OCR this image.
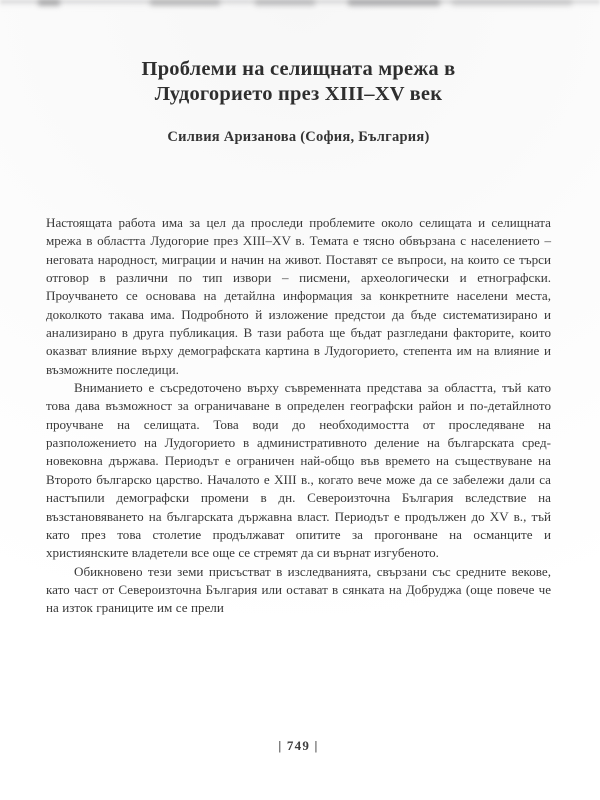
Проблеми на селищната мрежа в
Лудогорието през XIII–XV век

Силвия Аризанова (София, България)

Настоящата работа има за цел да проследи проблемите около селищата и селищната мрежа в областта Лудогорие през XIII–XV в. Темата е тясно обвързана с населението – неговата народност, миграции и начин на живот. Поставят се въпроси, на които се търси отговор в различни по тип извори – писмени, археологически и етнографски. Проучването се основава на детайлна информация за конкретните населени места, доколкото такава има. Подробното й изложение предстои да бъде систематизирано и анализирано в друга публикация. В тази работа ще бъдат разгледани факторите, които оказват влияние върху демографската картина в Лудогорието, степента им на влияние и възможните последици.

Вниманието е съсредоточено върху съвременната представа за областта, тъй като това дава възможност за ограничаване в определен географски район и по-детайлното проучване на селищата. Това води до необходимостта от проследяване на разположението на Лудогорието в административното деление на българската средновековна държава. Периодът е ограничен най-общо във времето на съществуване на Второто българско царство. Началото е XIII в., когато вече може да се забележи дали са настъпили демографски промени в дн. Североизточна България вследствие на възстановяването на българската държавна власт. Периодът е продължен до XV в., тъй като през това столетие продължават опитите за прогонване на османците и християнските владетели все още се стремят да си върнат изгубеното.

Обикновено тези земи присъстват в изследванията, свързани със средните векове, като част от Североизточна България или остават в сянката на Добруджа (още повече че на изток границите им се прели

| 749 |
